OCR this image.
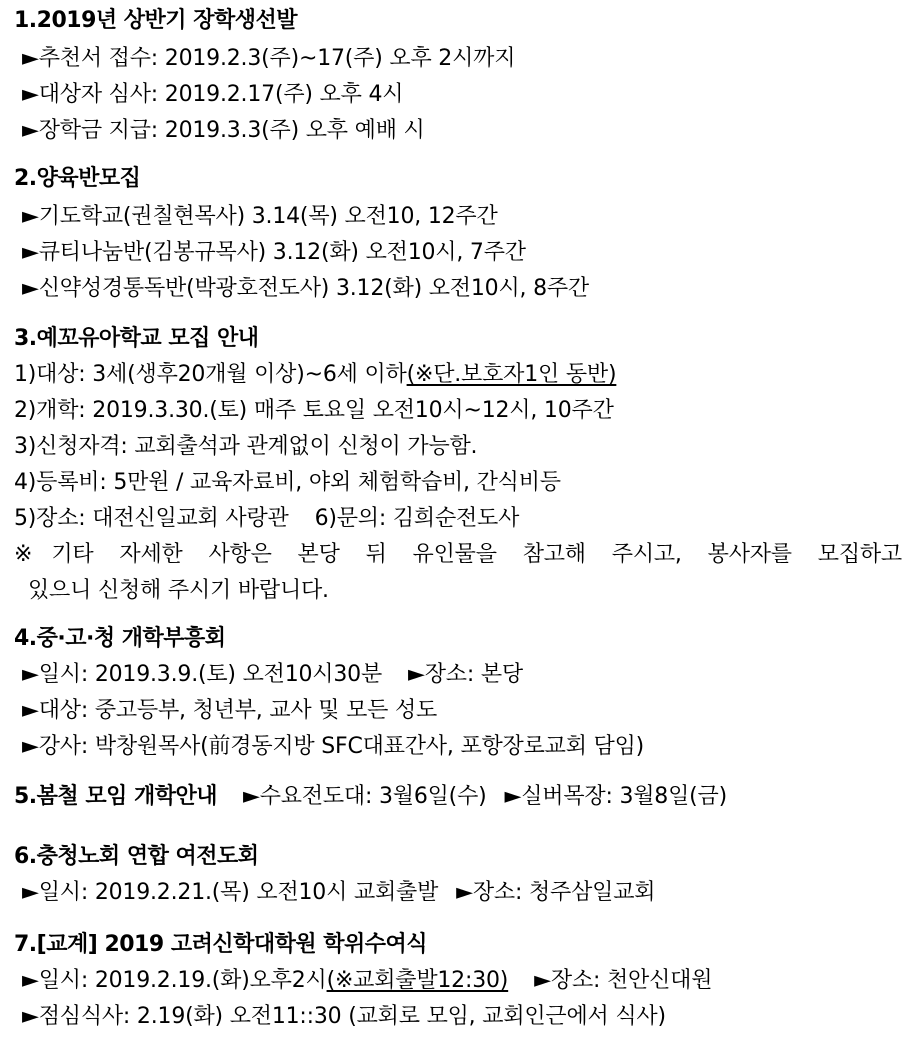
1.2019년 상반기 장학생선발
►추천서 접수: 2019.2.3(주)~17(주) 오후 2시까지
►대상자 심사: 2019.2.17(주) 오후 4시
►장학금 지급: 2019.3.3(주) 오후 예배 시
2.양육반모집
►기도학교(권칠현목사) 3.14(목) 오전10, 12주간
►큐티나눔반(김봉규목사) 3.12(화) 오전10시, 7주간
►신약성경통독반(박광호전도사) 3.12(화) 오전10시, 8주간
3.예꼬유아학교 모집 안내
1)대상: 3세(생후20개월 이상)~6세 이하(※단.보호자1인 동반)
2)개학: 2019.3.30.(토) 매주 토요일 오전10시~12시, 10주간
3)신청자격: 교회출석과 관계없이 신청이 가능함.
4)등록비: 5만원 / 교육자료비, 야외 체험학습비, 간식비등
5)장소: 대전신일교회 사랑관 6)문의: 김희순전도사
※기타 자세한 사항은 본당 뒤 유인물을 참고해 주시고, 봉사자를 모집하고
있으니 신청해 주시기 바랍니다.
4.중·고·청 개학부흥회
►일시: 2019.3.9.(토) 오전10시30분 ►장소: 본당
►대상: 중고등부, 청년부, 교사 및 모든 성도
►강사: 박창원목사(前경동지방 SFC대표간사, 포항장로교회 담임)
5.봄철 모임 개학안내 ►수요전도대: 3월6일(수) ►실버목장: 3월8일(금)
6.충청노회 연합 여전도회
►일시: 2019.2.21.(목) 오전10시 교회출발 ►장소: 청주삼일교회
7.[교계] 2019 고려신학대학원 학위수여식
►일시: 2019.2.19.(화)오후2시(※교회출발12:30) ►장소: 천안신대원
►점심식사: 2.19(화) 오전11::30 (교회로 모임, 교회인근에서 식사)
